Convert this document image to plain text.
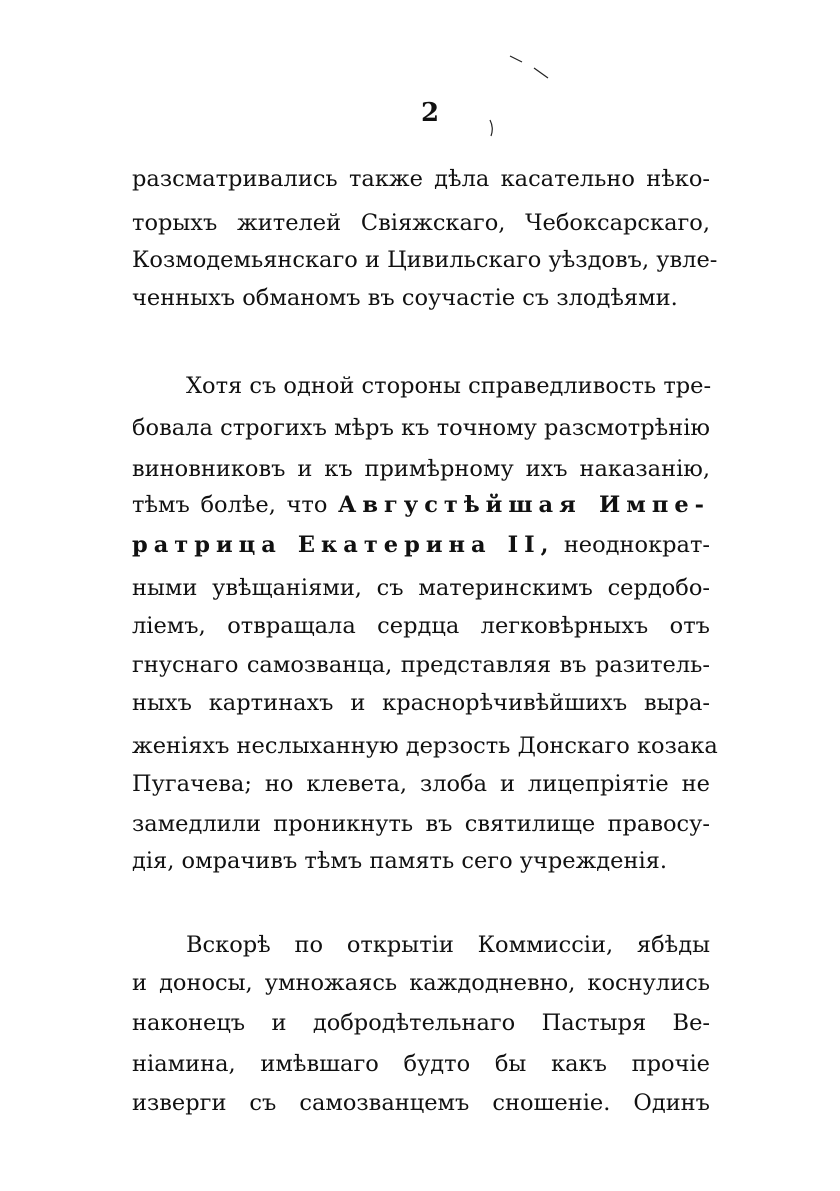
2
разсматривались также дѣла касательно нѣко-
торыхъ жителей Свіяжскаго, Чебоксарскаго,
Козмодемьянскаго и Цивильскаго уѣздовъ, увле-
ченныхъ обманомъ въ соучастіе съ злодѣями.
Хотя съ одной стороны справедливость тре-
бовала строгихъ мѣръ къ точному разсмотрѣнію
виновниковъ и къ примѣрному ихъ наказанію,
тѣмъ болѣе, что Августѣйшая Импе-
ратрица Екатерина II, неоднократ-
ными увѣщаніями, съ материнскимъ сердобо-
ліемъ, отвращала сердца легковѣрныхъ отъ
гнуснаго самозванца, представляя въ разитель-
ныхъ картинахъ и краснорѣчивѣйшихъ выра-
женіяхъ неслыханную дерзость Донскаго козака
Пугачева; но клевета, злоба и лицепріятіе не
замедлили проникнуть въ святилище правосу-
дія, омрачивъ тѣмъ память сего учрежденія.
Вскорѣ по открытіи Коммиссіи, ябѣды
и доносы, умножаясь каждодневно, коснулись
наконецъ и добродѣтельнаго Пастыря Ве-
ніамина, имѣвшаго будто бы какъ прочіе
изверги съ самозванцемъ сношеніе. Одинъ
